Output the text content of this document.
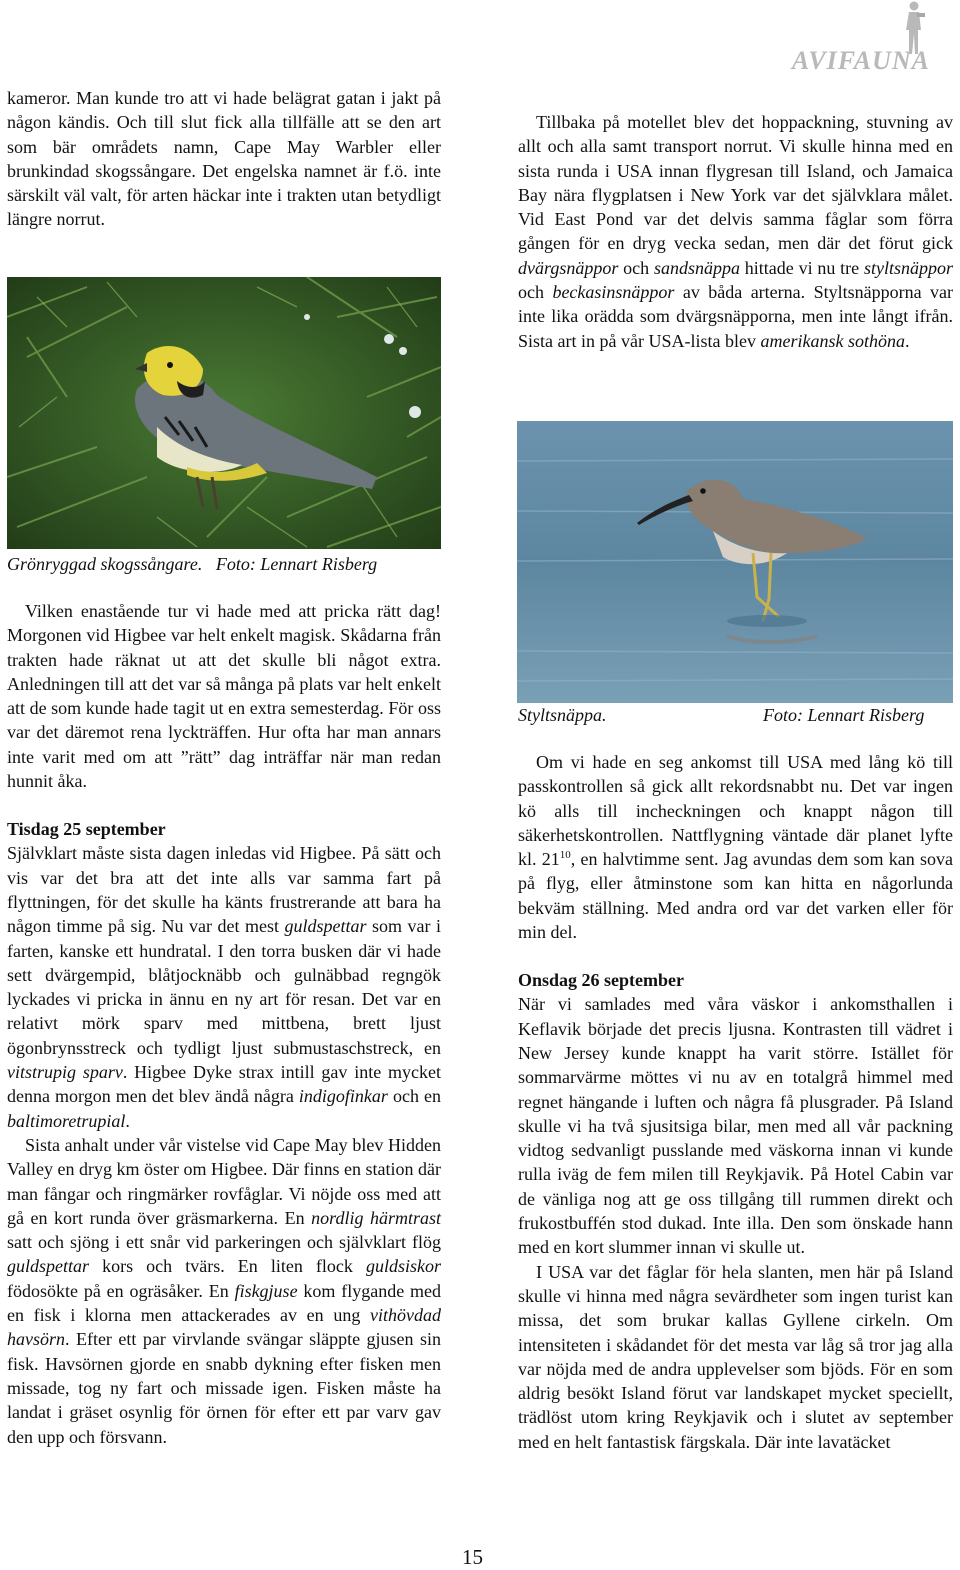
AVIFAUNA

kameror. Man kunde tro att vi hade belägrat gatan i jakt på någon kändis. Och till slut fick alla tillfälle att se den art som bär områdets namn, Cape May Warbler eller brunkindad skogssångare. Det engelska namnet är f.ö. inte särskilt väl valt, för arten häckar inte i trakten utan betydligt längre norrut.

Grönryggad skogssångare. Foto: Lennart Risberg

Vilken enastående tur vi hade med att pricka rätt dag! Morgonen vid Higbee var helt enkelt magisk. Skådarna från trakten hade räknat ut att det skulle bli något extra. Anledningen till att det var så många på plats var helt enkelt att de som kunde hade tagit ut en extra semesterdag. För oss var det däremot rena lyckträffen. Hur ofta har man annars inte varit med om att ”rätt” dag inträffar när man redan hunnit åka.

Tisdag 25 september

Självklart måste sista dagen inledas vid Higbee. På sätt och vis var det bra att det inte alls var samma fart på flyttningen, för det skulle ha känts frustrerande att bara ha någon timme på sig. Nu var det mest guldspettar som var i farten, kanske ett hundratal. I den torra busken där vi hade sett dvärgempid, blåtjocknäbb och gulnäbbad regngök lyckades vi pricka in ännu en ny art för resan. Det var en relativt mörk sparv med mittbena, brett ljust ögonbrynsstreck och tydligt ljust submustaschstreck, en vitstrupig sparv. Higbee Dyke strax intill gav inte mycket denna morgon men det blev ändå några indigofinkar och en baltimoretrupial.

Sista anhalt under vår vistelse vid Cape May blev Hidden Valley en dryg km öster om Higbee. Där finns en station där man fångar och ringmärker rovfåglar. Vi nöjde oss med att gå en kort runda över gräsmarkerna. En nordlig härmtrast satt och sjöng i ett snår vid parkeringen och självklart flög guldspettar kors och tvärs. En liten flock guldsiskor födosökte på en ogräsåker. En fiskgjuse kom flygande med en fisk i klorna men attackerades av en ung vithövdad havsörn. Efter ett par virvlande svängar släppte gjusen sin fisk. Havsörnen gjorde en snabb dykning efter fisken men missade, tog ny fart och missade igen. Fisken måste ha landat i gräset osynlig för örnen för efter ett par varv gav den upp och försvann.

Tillbaka på motellet blev det hoppackning, stuvning av allt och alla samt transport norrut. Vi skulle hinna med en sista runda i USA innan flygresan till Island, och Jamaica Bay nära flygplatsen i New York var det självklara målet. Vid East Pond var det delvis samma fåglar som förra gången för en dryg vecka sedan, men där det förut gick dvärgsnäppor och sandsnäppa hittade vi nu tre styltsnäppor och beckasinsnäppor av båda arterna. Styltsnäpporna var inte lika orädda som dvärgsnäpporna, men inte långt ifrån. Sista art in på vår USA-lista blev amerikansk sothöna.

Styltsnäppa.	Foto: Lennart Risberg

Om vi hade en seg ankomst till USA med lång kö till passkontrollen så gick allt rekordsnabbt nu. Det var ingen kö alls till incheckningen och knappt någon till säkerhetskontrollen. Nattflygning väntade där planet lyfte kl. $21^{10}$, en halvtimme sent. Jag avundas dem som kan sova på flyg, eller åtminstone som kan hitta en någorlunda bekväm ställning. Med andra ord var det varken eller för min del.

Onsdag 26 september

När vi samlades med våra väskor i ankomsthallen i Keflavik började det precis ljusna. Kontrasten till vädret i New Jersey kunde knappt ha varit större. Istället för sommarvärme möttes vi nu av en totalgrå himmel med regnet hängande i luften och några få plusgrader. På Island skulle vi ha två sjusitsiga bilar, men med all vår packning vidtog sedvanligt pusslande med väskorna innan vi kunde rulla iväg de fem milen till Reykjavik. På Hotel Cabin var de vänliga nog att ge oss tillgång till rummen direkt och frukostbuffén stod dukad. Inte illa. Den som önskade hann med en kort slummer innan vi skulle ut.

I USA var det fåglar för hela slanten, men här på Island skulle vi hinna med några sevärdheter som ingen turist kan missa, det som brukar kallas Gyllene cirkeln. Om intensiteten i skådandet för det mesta var låg så tror jag alla var nöjda med de andra upplevelser som bjöds. För en som aldrig besökt Island förut var landskapet mycket speciellt, trädlöst utom kring Reykjavik och i slutet av september med en helt fantastisk färgskala. Där inte lavatäcket

15
